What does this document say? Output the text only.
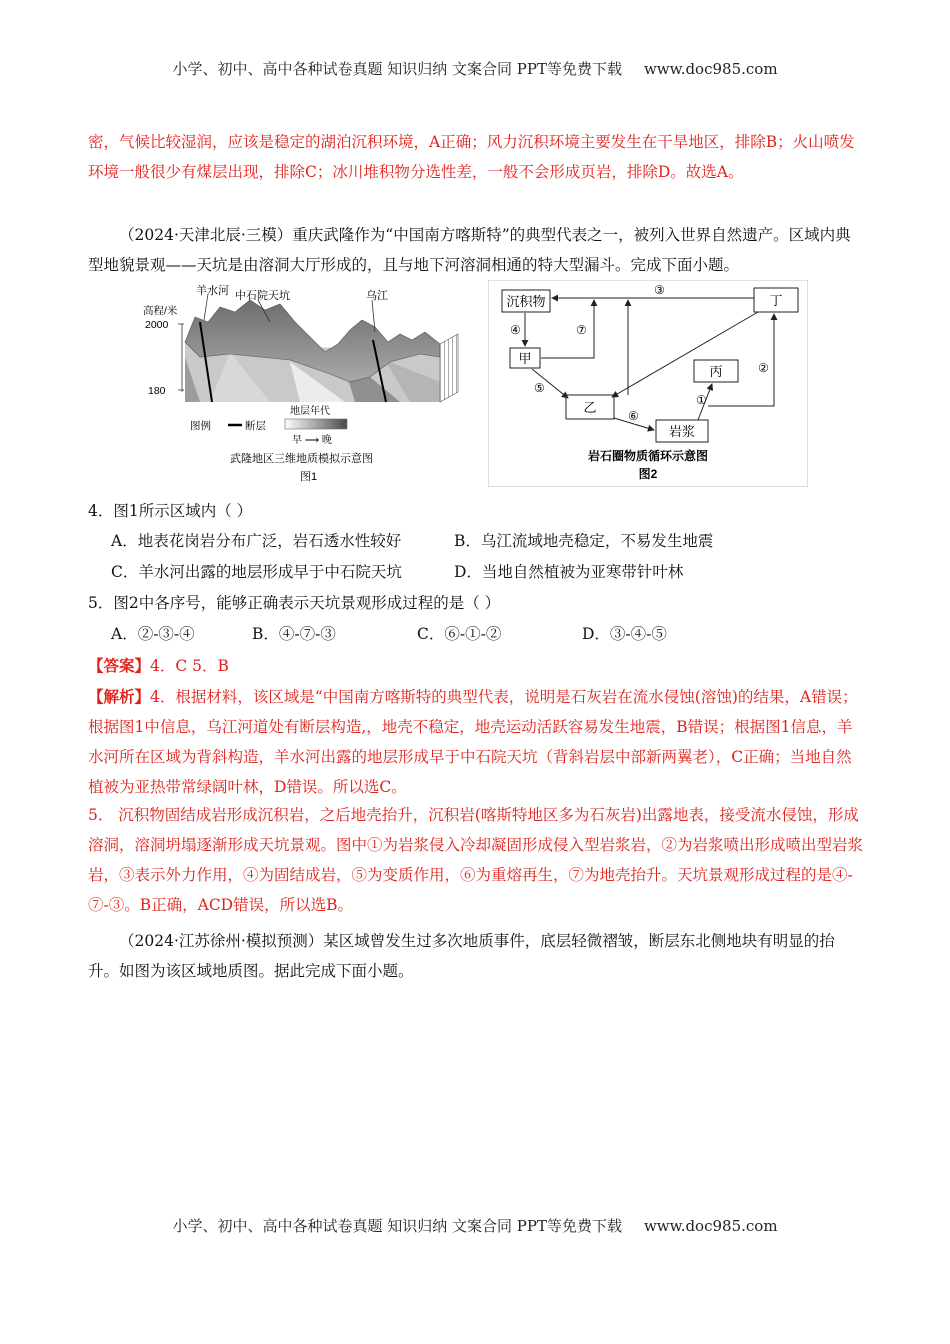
小学、初中、高中各种试卷真题 知识归纳 文案合同 PPT等免费下载 www.doc985.com

密，气候比较湿润，应该是稳定的湖泊沉积环境，A正确；风力沉积环境主要发生在干旱地区，排除B；火山喷发环境一般很少有煤层出现，排除C；冰川堆积物分选性差，一般不会形成页岩，排除D。故选A。

（2024·天津北辰·三模）重庆武隆作为“中国南方喀斯特”的典型代表之一，被列入世界自然遗产。区域内典型地貌景观——天坑是由溶洞大厅形成的，且与地下河溶洞相通的特大型漏斗。完成下面小题。

羊水河 中石院天坑	乌江
高程/米
2000
180
图例	断层
地层年代
早 ⟶ 晚
武隆地区三维地质模拟示意图
图1
沉积物
甲
乙
丙
丁
岩浆
③
④	⑦
⑤
⑥
①
②
岩石圈物质循环示意图
图2

4．图1所示区域内（ ）

A．地表花岗岩分布广泛，岩石透水性较好	B．乌江流域地壳稳定，不易发生地震
C．羊水河出露的地层形成早于中石院天坑	D．当地自然植被为亚寒带针叶林

5．图2中各序号，能够正确表示天坑景观形成过程的是（ ）

A．②-③-④	B．④-⑦-③	C．⑥-①-②	D．③-④-⑤

【答案】4．C 5．B

【解析】4．根据材料，该区域是“中国南方喀斯特的典型代表，说明是石灰岩在流水侵蚀(溶蚀)的结果，A错误；根据图1中信息，乌江河道处有断层构造,，地壳不稳定，地壳运动活跃容易发生地震，B错误；根据图1信息，羊水河所在区域为背斜构造，羊水河出露的地层形成早于中石院天坑（背斜岩层中部新两翼老），C正确；当地自然植被为亚热带常绿阔叶林，D错误。所以选C。

5． 沉积物固结成岩形成沉积岩，之后地壳抬升，沉积岩(喀斯特地区多为石灰岩)出露地表，接受流水侵蚀，形成溶洞，溶洞坍塌逐渐形成天坑景观。图中①为岩浆侵入冷却凝固形成侵入型岩浆岩，②为岩浆喷出形成喷出型岩浆岩，③表示外力作用，④为固结成岩，⑤为变质作用，⑥为重熔再生，⑦为地壳抬升。天坑景观形成过程的是④-⑦-③。B正确，ACD错误，所以选B。

（2024·江苏徐州·模拟预测）某区域曾发生过多次地质事件，底层轻微褶皱，断层东北侧地块有明显的抬升。如图为该区域地质图。据此完成下面小题。

小学、初中、高中各种试卷真题 知识归纳 文案合同 PPT等免费下载 www.doc985.com
